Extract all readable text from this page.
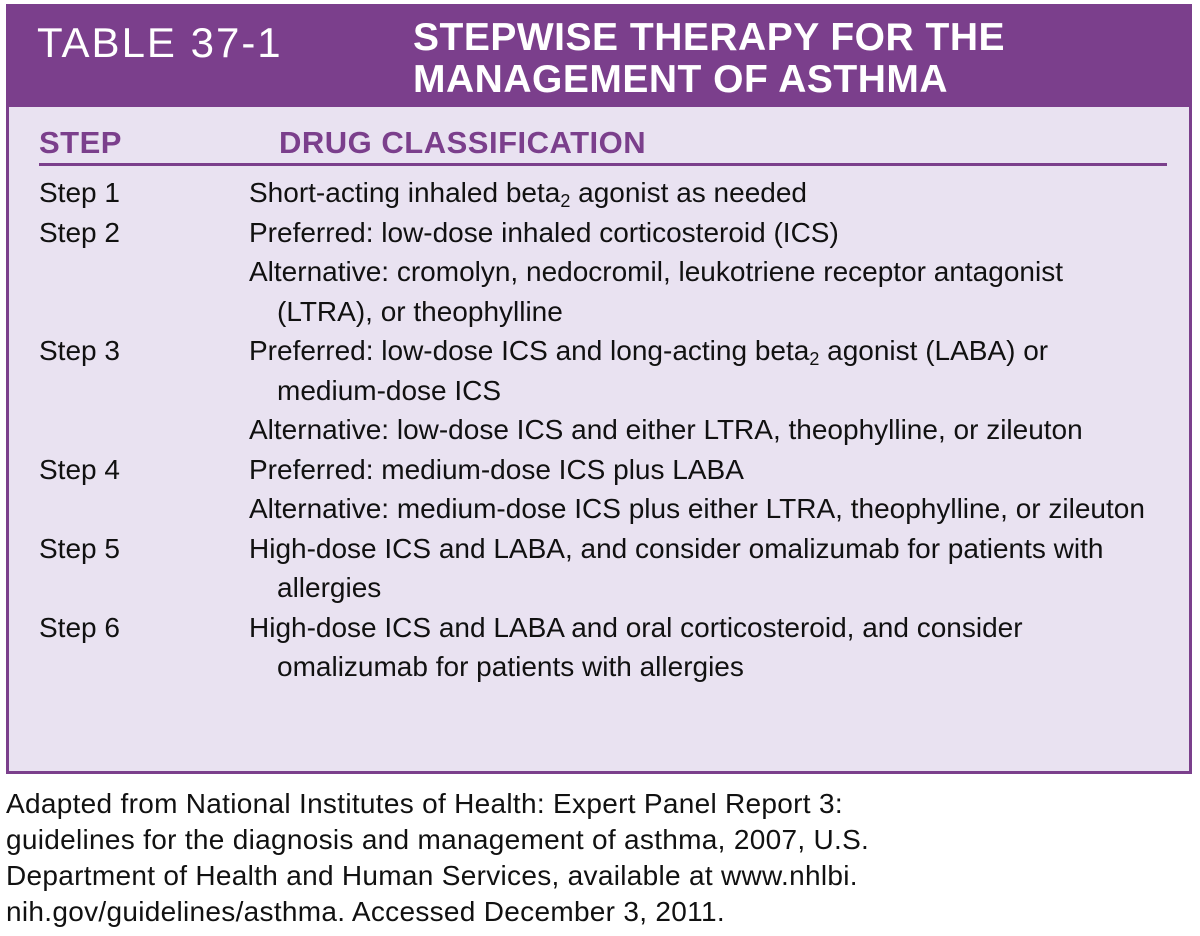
TABLE 37-1	STEPWISE THERAPY FOR THE
MANAGEMENT OF ASTHMA
STEP	DRUG CLASSIFICATION
Step 1	Short-acting inhaled beta$_2$ agonist as needed
Step 2	Preferred: low-dose inhaled corticosteroid (ICS)
Alternative: cromolyn, nedocromil, leukotriene receptor antagonist (LTRA), or theophylline
Step 3	Preferred: low-dose ICS and long-acting beta$_2$ agonist (LABA) or medium-dose ICS
Alternative: low-dose ICS and either LTRA, theophylline, or zileuton
Step 4	Preferred: medium-dose ICS plus LABA
Alternative: medium-dose ICS plus either LTRA, theophylline, or zileuton
Step 5	High-dose ICS and LABA, and consider omalizumab for patients with allergies
Step 6	High-dose ICS and LABA and oral corticosteroid, and consider omalizumab for patients with allergies
Adapted from National Institutes of Health: Expert Panel Report 3:
guidelines for the diagnosis and management of asthma, 2007, U.S.
Department of Health and Human Services, available at www.nhlbi.
nih.gov/guidelines/asthma. Accessed December 3, 2011.
